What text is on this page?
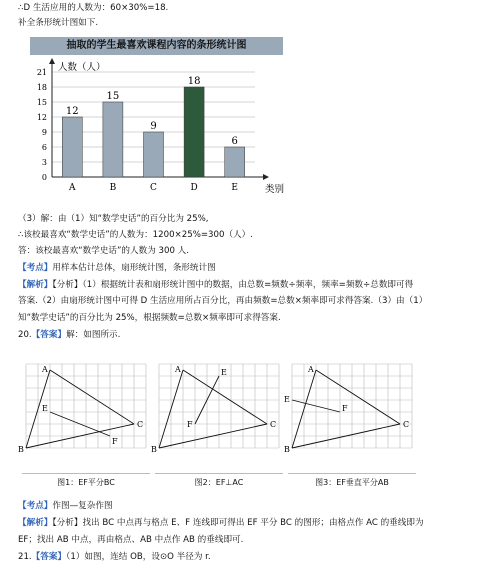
∴D 生活应用的人数为：60×30%=18.
补全条形统计图如下.
抽取的学生最喜欢课程内容的条形统计图
0
3
6
9
12
15
18
21 人数（人）
类别
12
A
15
B
9
C
18
D
6
E
（3）解：由（1）知“数学史话”的百分比为 25%,
∴该校最喜欢“数学史话”的人数为：1200×25%=300（人）.
答：该校最喜欢“数学史话”的人数为 300 人.
【考点】用样本估计总体，扇形统计图，条形统计图
【解析】【分析】（1）根据统计表和扇形统计图中的数据，由总数=频数÷频率，频率=频数÷总数即可得
答案.（2）由扇形统计图中可得 D 生活应用所占百分比，再由频数=总数×频率即可求得答案.（3）由（1）
知“数学史话”的百分比为 25%，根据频数=总数×频率即可求得答案.
20.【答案】解：如图所示.
A
B
C
E
F
图1：EF平分BC
A
B
C
E
F
图2：EF⊥AC
A
B
C
E
F
图3：EF垂直平分AB
【考点】作图—复杂作图
【解析】【分析】找出 BC 中点再与格点 E、F 连线即可得出 EF 平分 BC 的图形；由格点作 AC 的垂线即为
EF；找出 AB 中点，再由格点、AB 中点作 AB 的垂线即可.
21.【答案】（1）如图，连结 OB，设⊙O 半径为 r.
